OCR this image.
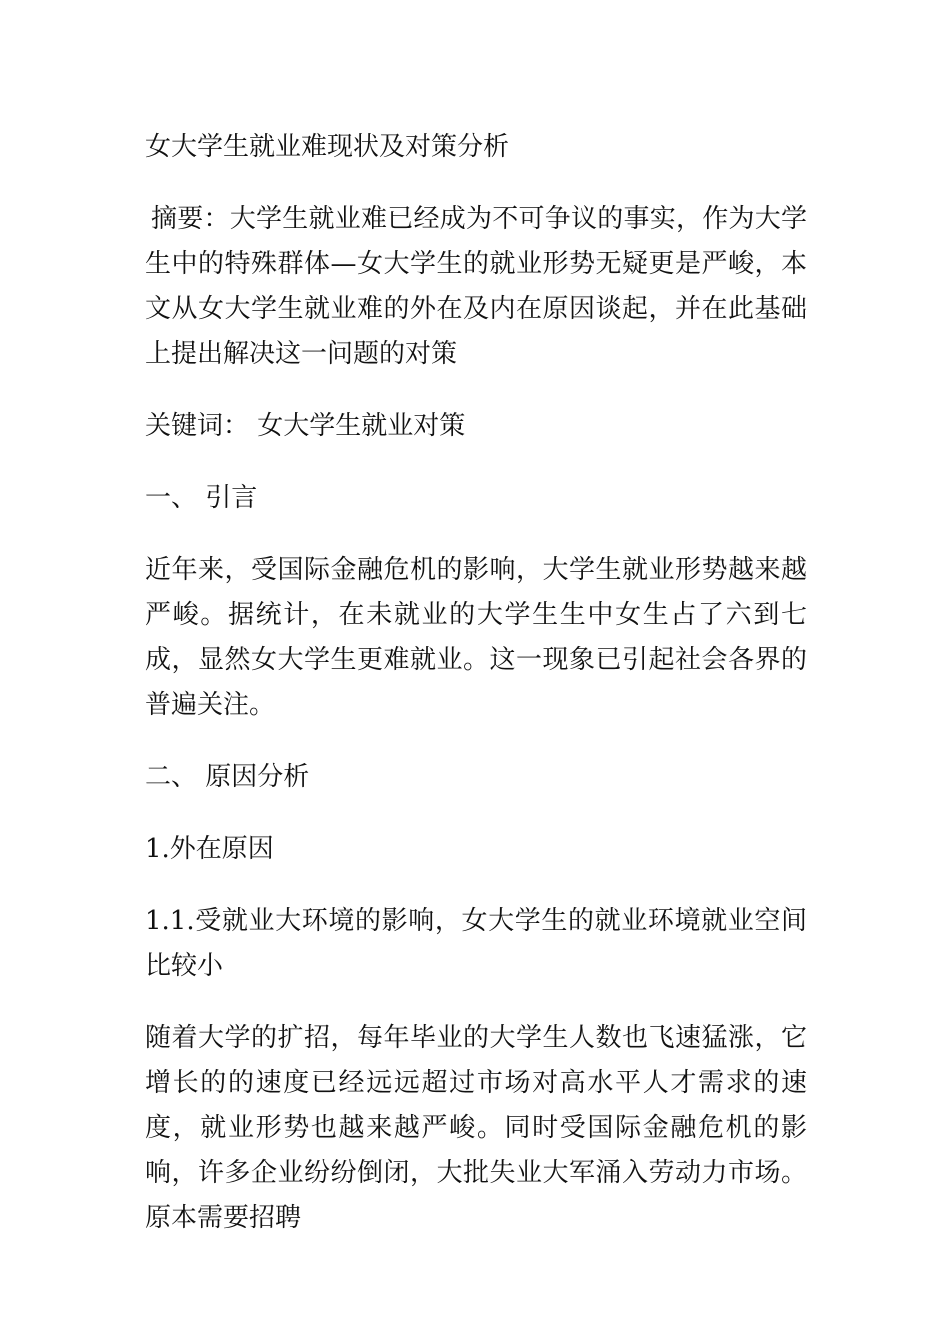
女大学生就业难现状及对策分析

摘要：大学生就业难已经成为不可争议的事实，作为大学生中的特殊群体—女大学生的就业形势无疑更是严峻，本文从女大学生就业难的外在及内在原因谈起，并在此基础上提出解决这一问题的对策

关键词： 女大学生就业对策

一、 引言

近年来，受国际金融危机的影响，大学生就业形势越来越严峻。据统计，在未就业的大学生生中女生占了六到七成，显然女大学生更难就业。这一现象已引起社会各界的普遍关注。

二、 原因分析

1.外在原因

1.1.受就业大环境的影响，女大学生的就业环境就业空间比较小

随着大学的扩招，每年毕业的大学生人数也飞速猛涨，它增长的的速度已经远远超过市场对高水平人才需求的速度，就业形势也越来越严峻。同时受国际金融危机的影响，许多企业纷纷倒闭，大批失业大军涌入劳动力市场。原本需要招聘
